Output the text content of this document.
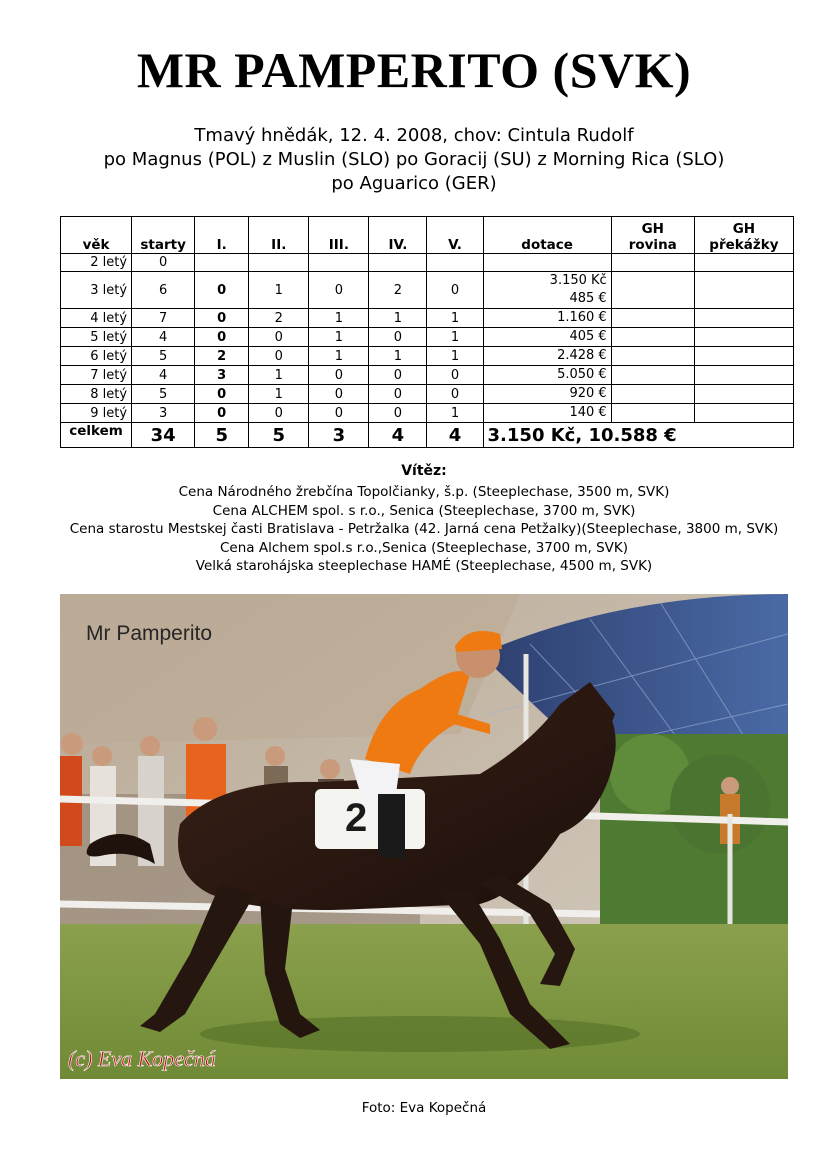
MR PAMPERITO (SVK)
Tmavý hnědák, 12. 4. 2008, chov: Cintula Rudolf
po Magnus (POL) z Muslin (SLO) po Goracij (SU) z Morning Rica (SLO)
po Aguarico (GER)
věk	starty	I.	II.	III.	IV.	V.	dotace	GH rovina	GH překážky
2 letý	0						

3 letý	6	0	1	0	2	0	3.150 Kč
485 €		

4 letý	7	0	2	1	1	1	1.160 €		

5 letý	4	0	0	1	0	1	405 €		

6 letý	5	2	0	1	1	1	2.428 €		

7 letý	4	3	1	0	0	0	5.050 €		

8 letý	5	0	1	0	0	0	920 €		

9 letý	3	0	0	0	0	1	140 €		

celkem	34	5	5	3	4	4	3.150 Kč, 10.588 €		
Vítěz:
Cena Národného žrebčína Topolčianky, š.p. (Steeplechase, 3500 m, SVK)
Cena ALCHEM spol. s r.o., Senica (Steeplechase, 3700 m, SVK)
Cena starostu Mestskej časti Bratislava - Petržalka (42. Jarná cena Petžalky)(Steeplechase, 3800 m, SVK)
Cena Alchem spol.s r.o.,Senica (Steeplechase, 3700 m, SVK)
Velká starohájska steeplechase HAMÉ (Steeplechase, 4500 m, SVK)
Mr Pamperito
2
(c) Eva Kopečná
Foto: Eva Kopečná
